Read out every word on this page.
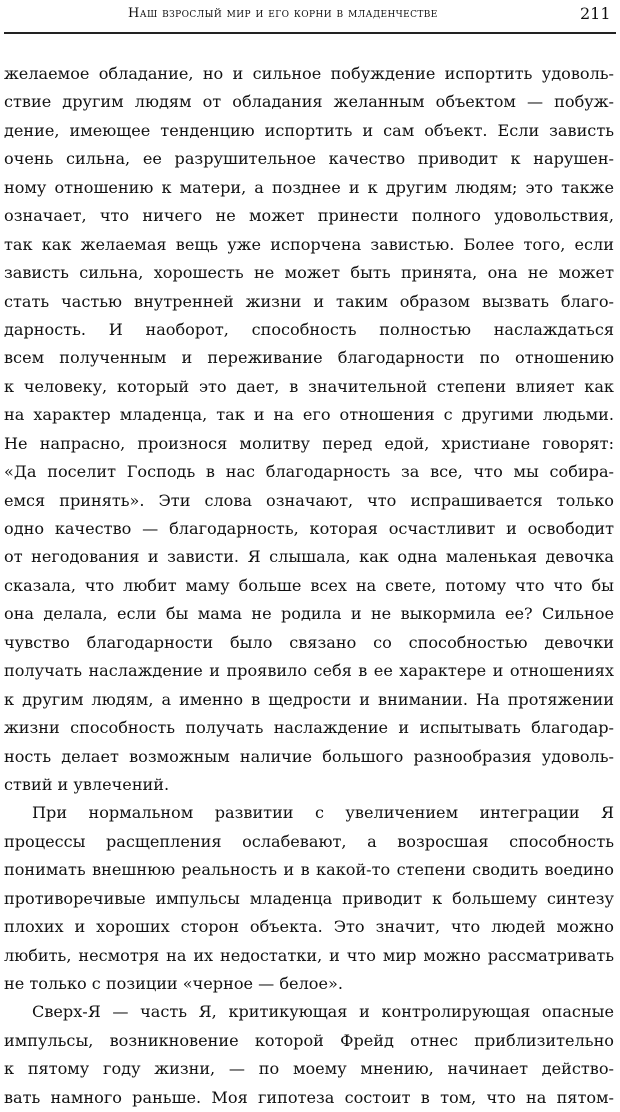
Наш взрослый мир и его корни в младенчестве	211
желаемое обладание, но и сильное побуждение испортить удоволь-
ствие другим людям от обладания желанным объектом — побуж-
дение, имеющее тенденцию испортить и сам объект. Если зависть
очень сильна, ее разрушительное качество приводит к нарушен-
ному отношению к матери, а позднее и к другим людям; это также
означает, что ничего не может принести полного удовольствия,
так как желаемая вещь уже испорчена завистью. Более того, если
зависть сильна, хорошесть не может быть принята, она не может
стать частью внутренней жизни и таким образом вызвать благо-
дарность. И наоборот, способность полностью наслаждаться
всем полученным и переживание благодарности по отношению
к человеку, который это дает, в значительной степени влияет как
на характер младенца, так и на его отношения с другими людьми.
Не напрасно, произнося молитву перед едой, христиане говорят:
«Да поселит Господь в нас благодарность за все, что мы собира-
емся принять». Эти слова означают, что испрашивается только
одно качество — благодарность, которая осчастливит и освободит
от негодования и зависти. Я слышала, как одна маленькая девочка
сказала, что любит маму больше всех на свете, потому что что бы
она делала, если бы мама не родила и не выкормила ее? Сильное
чувство благодарности было связано со способностью девочки
получать наслаждение и проявило себя в ее характере и отношениях
к другим людям, а именно в щедрости и внимании. На протяжении
жизни способность получать наслаждение и испытывать благодар-
ность делает возможным наличие большого разнообразия удоволь-
ствий и увлечений.
При нормальном развитии с увеличением интеграции Я
процессы расщепления ослабевают, а возросшая способность
понимать внешнюю реальность и в какой-то степени сводить воедино
противоречивые импульсы младенца приводит к большему синтезу
плохих и хороших сторон объекта. Это значит, что людей можно
любить, несмотря на их недостатки, и что мир можно рассматривать
не только с позиции «черное — белое».
Сверх-Я — часть Я, критикующая и контролирующая опасные
импульсы, возникновение которой Фрейд отнес приблизительно
к пятому году жизни, — по моему мнению, начинает действо-
вать намного раньше. Моя гипотеза состоит в том, что на пятом-
